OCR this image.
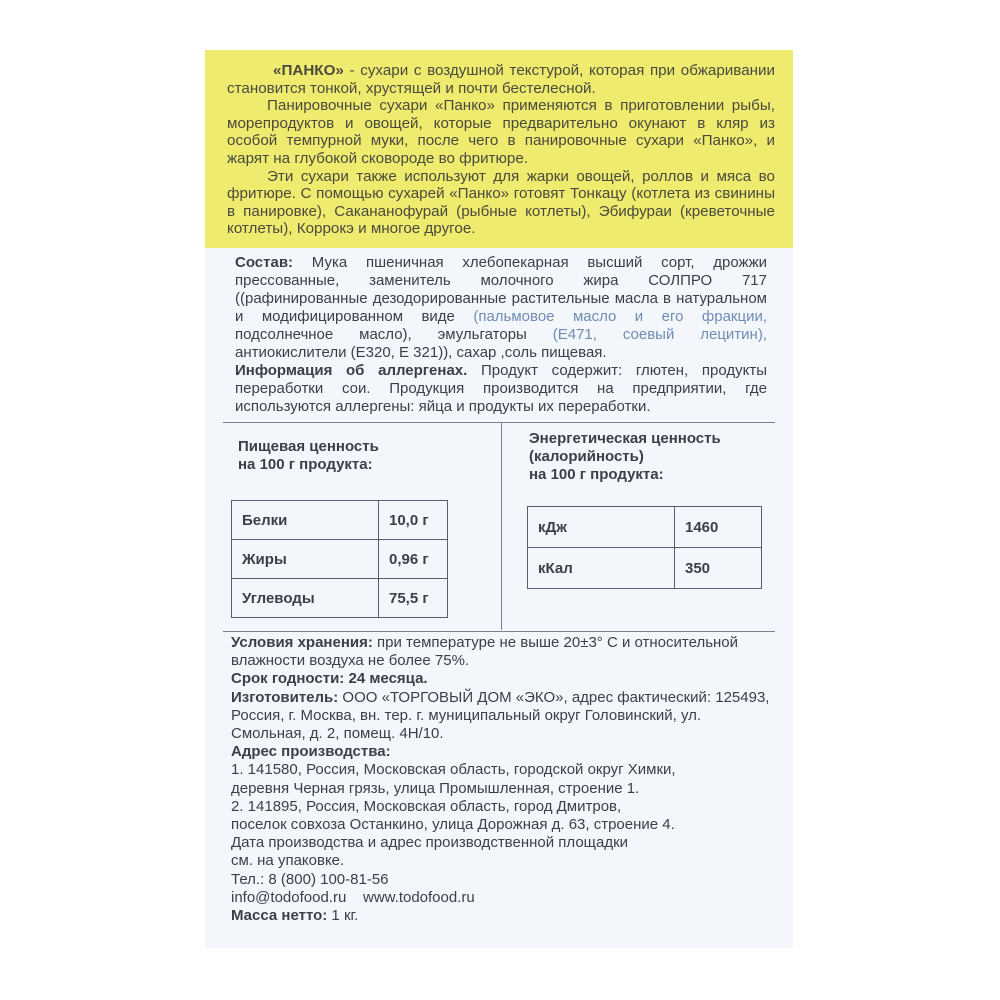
«ПАНКО» - сухари с воздушной текстурой, которая при обжаривании становится тонкой, хрустящей и почти бестелесной.

Панировочные сухари «Панко» применяются в приготовлении рыбы, морепродуктов и овощей, которые предварительно окунают в кляр из особой темпурной муки, после чего в панировочные сухари «Панко», и жарят на глубокой сковороде во фритюре.

Эти сухари также используют для жарки овощей, роллов и мяса во фритюре. С помощью сухарей «Панко» готовят Тонкацу (котлета из свинины в панировке), Сакананофурай (рыбные котлеты), Эбифураи (креветочные котлеты), Коррокэ и многое другое.

Состав: Мука пшеничная хлебопекарная высший сорт, дрожжи прессованные, заменитель молочного жира СОЛПРО 717 ((рафинированные дезодорированные растительные масла в натуральном и модифицированном виде (пальмовое масло и его фракции, подсолнечное масло), эмульгаторы (Е471, соевый лецитин), антиокислители (Е320, Е 321)), сахар ,соль пищевая.

Информация об аллергенах. Продукт содержит: глютен, продукты переработки сои. Продукция производится на предприятии, где используются аллергены: яйца и продукты их переработки.

Пищевая ценность
на 100 г продукта:
Энергетическая ценность
(калорийность)
на 100 г продукта:
Белки	10,0 г
Жиры	0,96 г
Углеводы	75,5 г
кДж	1460
кКал	350

Условия хранения: при температуре не выше 20±3° С и относительной влажности воздуха не более 75%.

Срок годности: 24 месяца.

Изготовитель: ООО «ТОРГОВЫЙ ДОМ «ЭКО», адрес фактический: 125493, Россия, г. Москва, вн. тер. г. муниципальный округ Головинский, ул. Смольная, д. 2, помещ. 4Н/10.

Адрес производства:

1. 141580, Россия, Московская область, городской округ Химки,

деревня Черная грязь, улица Промышленная, строение 1.

2. 141895, Россия, Московская область, город Дмитров,

поселок совхоза Останкино, улица Дорожная д. 63, строение 4.

Дата производства и адрес производственной площадки

см. на упаковке.

Тел.: 8 (800) 100-81-56

info@todofood.ru www.todofood.ru

Масса нетто: 1 кг.
